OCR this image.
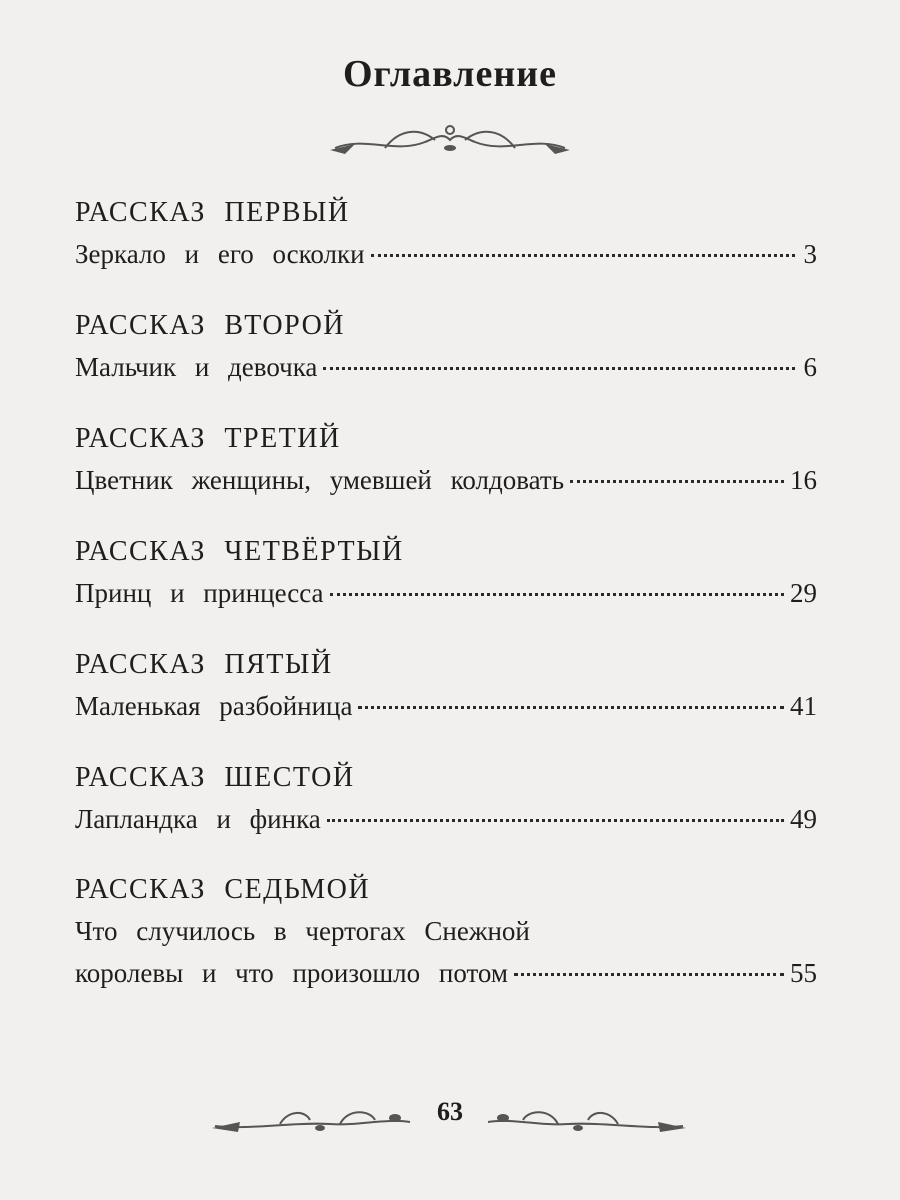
Оглавление
РАССКАЗ ПЕРВЫЙ
Зеркало и его осколки	3
РАССКАЗ ВТОРОЙ
Мальчик и девочка	6
РАССКАЗ ТРЕТИЙ
Цветник женщины, умевшей колдовать	16
РАССКАЗ ЧЕТВЁРТЫЙ
Принц и принцесса	29
РАССКАЗ ПЯТЫЙ
Маленькая разбойница	41
РАССКАЗ ШЕСТОЙ
Лапландка и финка	49
РАССКАЗ СЕДЬМОЙ
Что случилось в чертогах Снежной
королевы и что произошло потом	55
63
